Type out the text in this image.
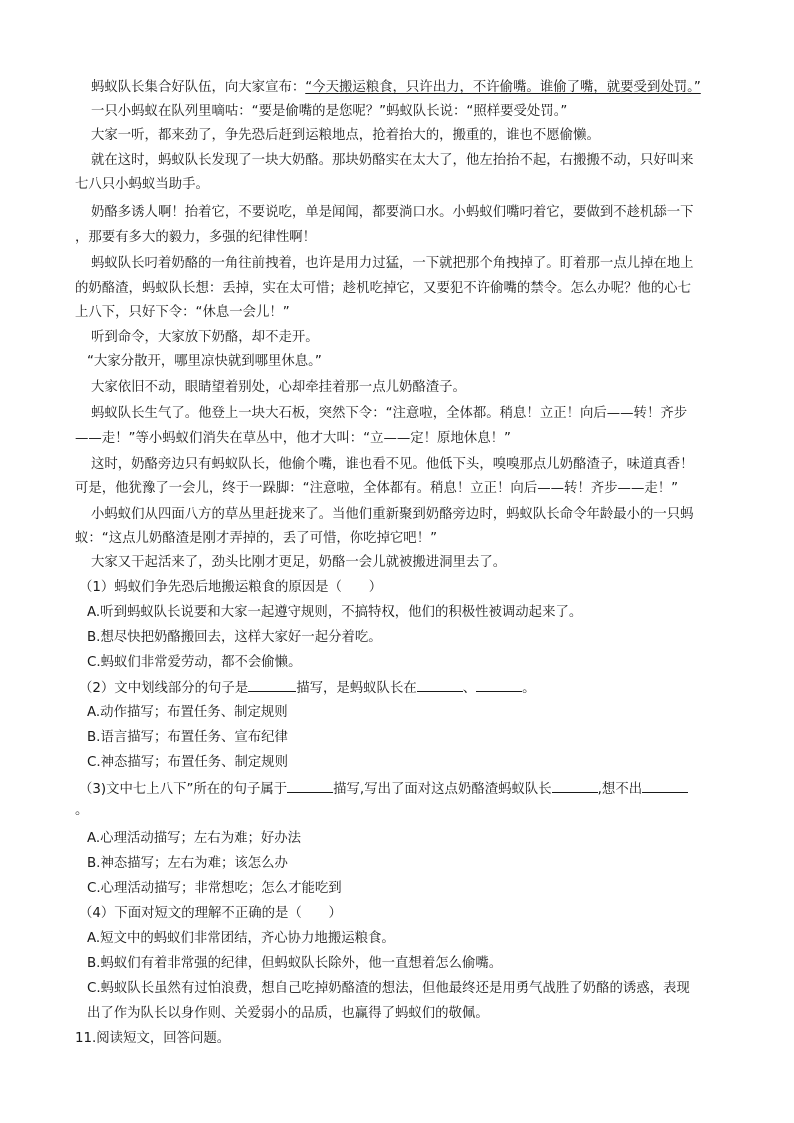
蚂蚁队长集合好队伍，向大家宣布：“今天搬运粮食，只许出力，不许偷嘴。谁偷了嘴，就要受到处罚。”
一只小蚂蚁在队列里嘀咕：“要是偷嘴的是您呢？”蚂蚁队长说：“照样要受处罚。”
大家一听，都来劲了，争先恐后赶到运粮地点，抢着抬大的，搬重的，谁也不愿偷懒。
就在这时，蚂蚁队长发现了一块大奶酪。那块奶酪实在太大了，他左抬抬不起，右搬搬不动，只好叫来
七八只小蚂蚁当助手。
奶酪多诱人啊！抬着它，不要说吃，单是闻闻，都要淌口水。小蚂蚁们嘴叼着它，要做到不趁机舔一下
，那要有多大的毅力，多强的纪律性啊！
蚂蚁队长叼着奶酪的一角往前拽着，也许是用力过猛，一下就把那个角拽掉了。盯着那一点儿掉在地上
的奶酪渣，蚂蚁队长想：丢掉，实在太可惜；趁机吃掉它，又要犯不许偷嘴的禁令。怎么办呢？他的心七
上八下，只好下令：“休息一会儿！”
听到命令，大家放下奶酪，却不走开。
“大家分散开，哪里凉快就到哪里休息。”
大家依旧不动，眼睛望着别处，心却牵挂着那一点儿奶酪渣子。
蚂蚁队长生气了。他登上一块大石板，突然下令：“注意啦，全体都。稍息！立正！向后——转！齐步
——走！”等小蚂蚁们消失在草丛中，他才大叫：“立——定！原地休息！”
这时，奶酪旁边只有蚂蚁队长，他偷个嘴，谁也看不见。他低下头，嗅嗅那点儿奶酪渣子，味道真香！
可是，他犹豫了一会儿，终于一跺脚：“注意啦，全体都有。稍息！立正！向后——转！齐步——走！”
小蚂蚁们从四面八方的草丛里赶拢来了。当他们重新聚到奶酪旁边时，蚂蚁队长命令年龄最小的一只蚂
蚁：“这点儿奶酪渣是刚才弄掉的，丢了可惜，你吃掉它吧！”
大家又干起活来了，劲头比刚才更足，奶酪一会儿就被搬进洞里去了。
（1）蚂蚁们争先恐后地搬运粮食的原因是（　　）
A.听到蚂蚁队长说要和大家一起遵守规则，不搞特权，他们的积极性被调动起来了。
B.想尽快把奶酪搬回去，这样大家好一起分着吃。
C.蚂蚁们非常爱劳动，都不会偷懒。
（2）文中划线部分的句子是	描写，是蚂蚁队长在	、	。
A.动作描写；布置任务、制定规则
B.语言描写；布置任务、宣布纪律
C.神态描写；布置任务、制定规则
（3)文中七上八下”所在的句子属于	描写,写出了面对这点奶酪渣蚂蚁队长	,想不出
。
A.心理活动描写；左右为难；好办法
B.神态描写；左右为难；该怎么办
C.心理活动描写；非常想吃；怎么才能吃到
（4）下面对短文的理解不正确的是（　　）
A.短文中的蚂蚁们非常团结，齐心协力地搬运粮食。
B.蚂蚁们有着非常强的纪律，但蚂蚁队长除外，他一直想着怎么偷嘴。
C.蚂蚁队长虽然有过怕浪费，想自己吃掉奶酪渣的想法，但他最终还是用勇气战胜了奶酪的诱惑，表现
出了作为队长以身作则、关爱弱小的品质，也赢得了蚂蚁们的敬佩。
11.阅读短文，回答问题。
